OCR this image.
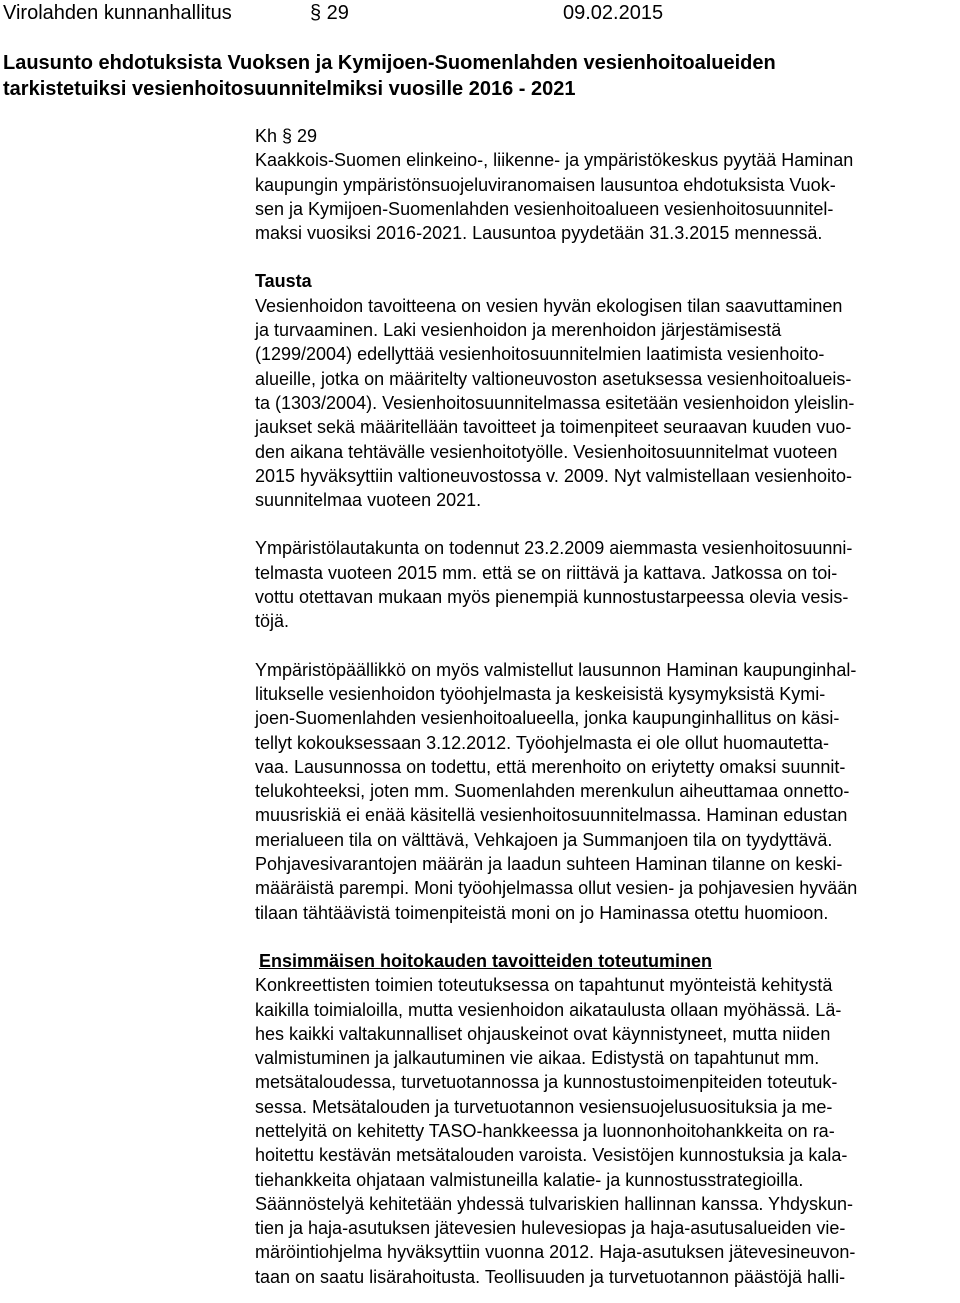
Virolahden kunnanhallitus	§ 29	09.02.2015
Lausunto ehdotuksista Vuoksen ja Kymijoen-Suomenlahden vesienhoitoalueiden
tarkistetuiksi vesienhoitosuunnitelmiksi vuosille 2016 - 2021

Kh § 29

Kaakkois-Suomen elinkeino-, liikenne- ja ympäristökeskus pyytää Haminan
kaupungin ympäristönsuojeluviranomaisen lausuntoa ehdotuksista Vuok-
sen ja Kymijoen-Suomenlahden vesienhoitoalueen vesienhoitosuunnitel-
maksi vuosiksi 2016-2021. Lausuntoa pyydetään 31.3.2015 mennessä.

Tausta

Vesienhoidon tavoitteena on vesien hyvän ekologisen tilan saavuttaminen
ja turvaaminen. Laki vesienhoidon ja merenhoidon järjestämisestä
(1299/2004) edellyttää vesienhoitosuunnitelmien laatimista vesienhoito-
alueille, jotka on määritelty valtioneuvoston asetuksessa vesienhoitoalueis-
ta (1303/2004). Vesienhoitosuunnitelmassa esitetään vesienhoidon yleislin-
jaukset sekä määritellään tavoitteet ja toimenpiteet seuraavan kuuden vuo-
den aikana tehtävälle vesienhoitotyölle. Vesienhoitosuunnitelmat vuoteen
2015 hyväksyttiin valtioneuvostossa v. 2009. Nyt valmistellaan vesienhoito-
suunnitelmaa vuoteen 2021.

Ympäristölautakunta on todennut 23.2.2009 aiemmasta vesienhoitosuunni-
telmasta vuoteen 2015 mm. että se on riittävä ja kattava. Jatkossa on toi-
vottu otettavan mukaan myös pienempiä kunnostustarpeessa olevia vesis-
töjä.

Ympäristöpäällikkö on myös valmistellut lausunnon Haminan kaupunginhal-
litukselle vesienhoidon työohjelmasta ja keskeisistä kysymyksistä Kymi-
joen-Suomenlahden vesienhoitoalueella, jonka kaupunginhallitus on käsi-
tellyt kokouksessaan 3.12.2012. Työohjelmasta ei ole ollut huomautetta-
vaa. Lausunnossa on todettu, että merenhoito on eriytetty omaksi suunnit-
telukohteeksi, joten mm. Suomenlahden merenkulun aiheuttamaa onnetto-
muusriskiä ei enää käsitellä vesienhoitosuunnitelmassa. Haminan edustan
merialueen tila on välttävä, Vehkajoen ja Summanjoen tila on tyydyttävä.
Pohjavesivarantojen määrän ja laadun suhteen Haminan tilanne on keski-
määräistä parempi. Moni työohjelmassa ollut vesien- ja pohjavesien hyvään
tilaan tähtäävistä toimenpiteistä moni on jo Haminassa otettu huomioon.

Ensimmäisen hoitokauden tavoitteiden toteutuminen

Konkreettisten toimien toteutuksessa on tapahtunut myönteistä kehitystä
kaikilla toimialoilla, mutta vesienhoidon aikataulusta ollaan myöhässä. Lä-
hes kaikki valtakunnalliset ohjauskeinot ovat käynnistyneet, mutta niiden
valmistuminen ja jalkautuminen vie aikaa. Edistystä on tapahtunut mm.
metsätaloudessa, turvetuotannossa ja kunnostustoimenpiteiden toteutuk-
sessa. Metsätalouden ja turvetuotannon vesiensuojelusuosituksia ja me-
nettelyitä on kehitetty TASO-hankkeessa ja luonnonhoitohankkeita on ra-
hoitettu kestävän metsätalouden varoista. Vesistöjen kunnostuksia ja kala-
tiehankkeita ohjataan valmistuneilla kalatie- ja kunnostusstrategioilla.
Säännöstelyä kehitetään yhdessä tulvariskien hallinnan kanssa. Yhdyskun-
tien ja haja-asutuksen jätevesien hulevesiopas ja haja-asutusalueiden vie-
märöintiohjelma hyväksyttiin vuonna 2012. Haja-asutuksen jätevesineuvon-
taan on saatu lisärahoitusta. Teollisuuden ja turvetuotannon päästöjä halli-
